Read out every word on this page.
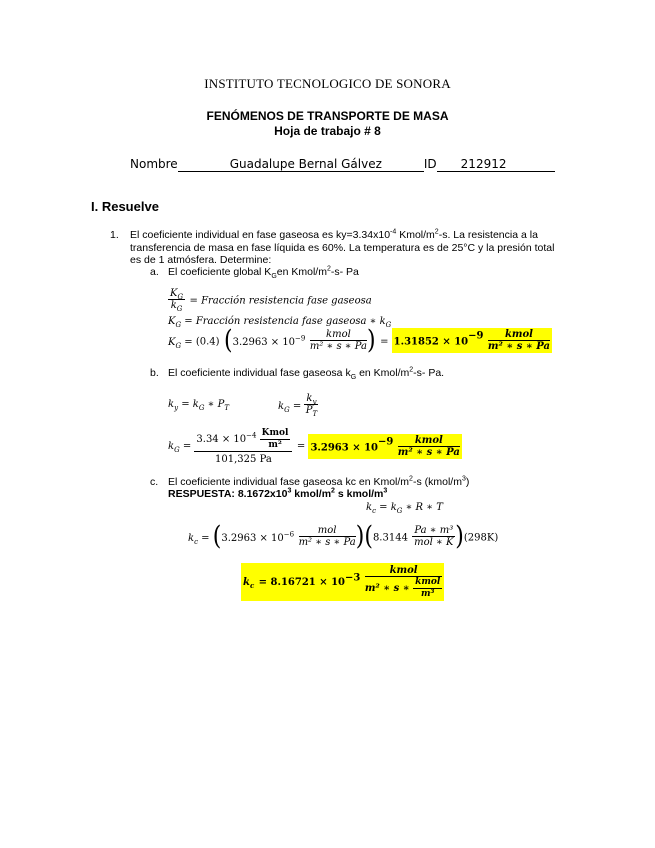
INSTITUTO TECNOLOGICO DE SONORA
FENÓMENOS DE TRANSPORTE DE MASA
Hoja de trabajo # 8
Nombre	Guadalupe Bernal Gálvez	ID 212912
I. Resuelve
1. El coeficiente individual en fase gaseosa es $ky=3.34x10^{-4}$ Kmol/$m^2-s$. La resistencia a la
transferencia de masa en fase líquida es 60%. La temperatura es de 25°C y la presión total
es de 1 atmósfera. Determine:
a. El coeficiente global $K_Gen$ Kmol/$m^2-s-$ Pa
$\frac{K_G}{k_G}$ = Fracción resistencia fase gaseosa
$K_G$ = Fracción resistencia fase gaseosa ∗ $k_G$
$K_G = (0.4) (3.2963 \times 10^{-9} \frac{\text{kmol}}{\text{m² ∗ s ∗ Pa}}$ ) = $1.31852 \times 10^{-9} \frac{\text{kmol}}{\text{m² ∗ s ∗ Pa}}$
b. El coeficiente individual fase gaseosa $k_G$ en Kmol/$m^2-s-$ Pa.
$k_y = k_G$ ∗ $P_T$	$k_G = \frac{k_y}{P_T}$
$k_G = \frac{3.34 \times 10^{-4} \frac{\text{Kmol}}{\text{m²}}}{101,325 Pa} = 3.2963 \times 10^{-9} \frac{\text{kmol}}{\text{m² ∗ s ∗ Pa}}$
c. El coeficiente individual fase gaseosa kc en Kmol/$m^2-s$ $(kmol/m^3)$
RESPUESTA: $8.1672x10^3$ kmol/$m^2$ s kmol/$m^3$
$k_c = k_G$ ∗ R ∗ T
$k_c = (3.2963 \times 10^{-6} \frac{\text{mol}}{\text{m² ∗ s ∗ Pa}} )(8.3144 \frac{\text{Pa ∗ m³}}{\text{mol ∗ K}} )(298K)$
$k_c = 8.16721 \times 10^{-3} \frac{\text{kmol}}{m^2 ∗ s ∗ \frac{\text{kmol}}{\text{m³}}}$
